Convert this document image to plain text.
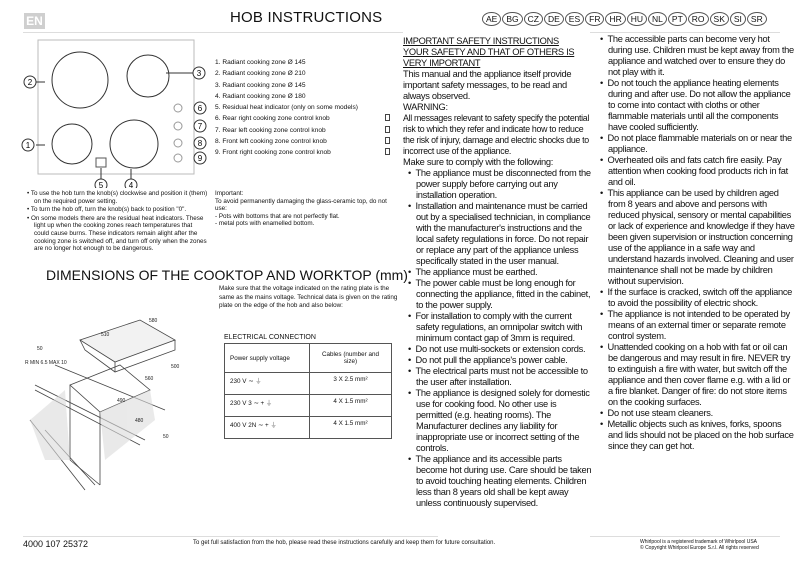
EN	HOB INSTRUCTIONS	AE	BG	CZ	DE	ES	FR	HR	HU	NL	PT	RO	SK	SI	SR
1
2
3
4
5
6
7
8
9
1. Radiant cooking zone Ø 145
2. Radiant cooking zone Ø 210
3. Radiant cooking zone Ø 145
4. Radiant cooking zone Ø 180
5. Residual heat indicator (only on some models)
6. Rear right cooking zone control knob
7. Rear left cooking zone control knob
8. Front left cooking zone control knob
9. Front right cooking zone control knob
• To use the hob turn the knob(s) clockwise and position it (them) on the required power setting.
• To turn the hob off, turn the knob(s) back to position "0".
• On some models there are the residual heat indicators. These light up when the cooking zones reach temperatures that could cause burns. These indicators remain alight after the cooking zone is switched off, and turn off only when the zones are no longer hot enough to be dangerous.
Important:
To avoid permanently damaging the glass-ceramic top, do not use:
- Pots with bottoms that are not perfectly flat.
- metal pots with enamelled bottom.
DIMENSIONS OF THE COOKTOP AND WORKTOP (mm)
510
580
560
490
R MIN 6.5 MAX 10
500
480
50
50
Make sure that the voltage indicated on the rating plate is the same as the mains voltage. Technical data is given on the rating plate on the edge of the hob and also below:
ELECTRICAL CONNECTION
Power supply voltage	Cables (number and size)
230 V ∼ ⏚	3 X 2.5 mm²
230 V 3 ∼ + ⏚	4 X 1.5 mm²
400 V 2N ∼ + ⏚	4 X 1.5 mm²
IMPORTANT SAFETY INSTRUCTIONS
YOUR SAFETY AND THAT OF OTHERS IS VERY IMPORTANT
This manual and the appliance itself provide important safety messages, to be read and always observed.
WARNING:
All messages relevant to safety specify the potential risk to which they refer and indicate how to reduce the risk of injury, damage and electric shocks due to incorrect use of the appliance.
Make sure to comply with the following:
•  The appliance must be disconnected from the power supply before carrying out any installation operation.
•  Installation and maintenance must be carried out by a specialised technician, in compliance with the manufacturer's instructions and the local safety regulations in force. Do not repair or replace any part of the appliance unless specifically stated in the user manual.
•  The appliance must be earthed.
•  The power cable must be long enough for connecting the appliance, fitted in the cabinet, to the power supply.
•  For installation to comply with the current safety regulations, an omnipolar switch with minimum contact gap of 3mm is required.
•  Do not use multi-sockets or extension cords.
•  Do not pull the appliance's power cable.
•  The electrical parts must not be accessible to the user after installation.
•  The appliance is designed solely for domestic use for cooking food. No other use is permitted (e.g. heating rooms). The Manufacturer declines any liability for inappropriate use or incorrect setting of the controls.
•  The appliance and its accessible parts become hot during use. Care should be taken to avoid touching heating elements. Children less than 8 years old shall be kept away unless continuously supervised.
•  The accessible parts can become very hot during use. Children must be kept away from the appliance and watched over to ensure they do not play with it.
•  Do not touch the appliance heating elements during and after use. Do not allow the appliance to come into contact with cloths or other flammable materials until all the components have cooled sufficiently.
•  Do not place flammable materials on or near the appliance.
•  Overheated oils and fats catch fire easily. Pay attention when cooking food products rich in fat and oil.
•  This appliance can be used by children aged from 8 years and above and persons with reduced physical, sensory or mental capabilities or lack of experience and knowledge if they have been given supervision or instruction concerning use of the appliance in a safe way and understand hazards involved. Cleaning and user maintenance shall not be made by children without supervision.
•  If the surface is cracked, switch off the appliance to avoid the possibility of electric shock.
•  The appliance is not intended to be operated by means of an external timer or separate remote control system.
•  Unattended cooking on a hob with fat or oil can be dangerous and may result in fire. NEVER try to extinguish a fire with water, but switch off the appliance and then cover flame e.g. with a lid or a fire blanket. Danger of fire: do not store items on the cooking surfaces.
•  Do not use steam cleaners.
•  Metallic objects such as knives, forks, spoons and lids should not be placed on the hob surface since they can get hot.
4000 107 25372	To get full satisfaction from the hob, please read these instructions carefully and keep them for future consultation.	Whirlpool is a registered trademark of Whirlpool USA
© Copyright Whirlpool Europe S.r.l. All rights reserved
